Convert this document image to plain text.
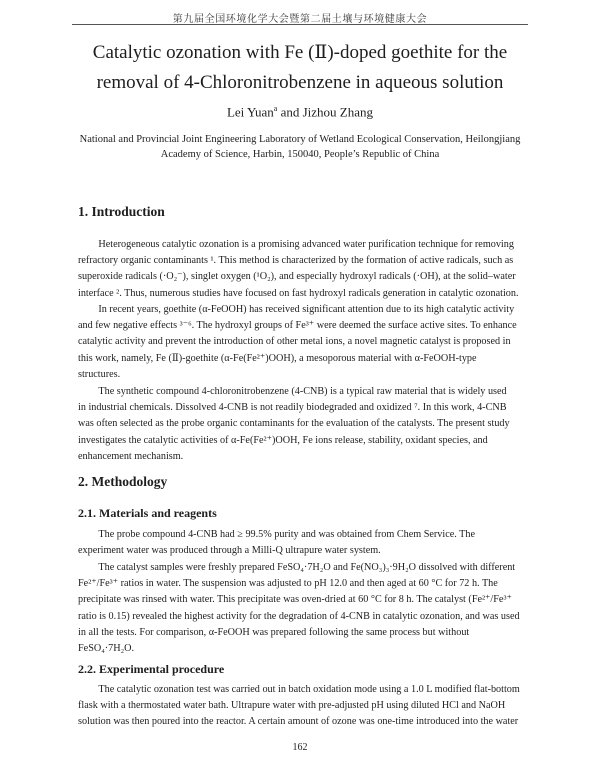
第九届全国环境化学大会暨第二届土壤与环境健康大会
Catalytic ozonation with Fe (Ⅱ)-doped goethite for the
removal of 4-Chloronitrobenzene in aqueous solution
Lei Yuan$^a$ and Jizhou Zhang
National and Provincial Joint Engineering Laboratory of Wetland Ecological Conservation, Heilongjiang
Academy of Science, Harbin, 150040, People’s Republic of China
1. Introduction
Heterogeneous catalytic ozonation is a promising advanced water purification technique for removing
refractory organic contaminants ¹. This method is characterized by the formation of active radicals, such as
superoxide radicals (·O₂⁻), singlet oxygen (¹O₂), and especially hydroxyl radicals (·OH), at the solid–water
interface ². Thus, numerous studies have focused on fast hydroxyl radicals generation in catalytic ozonation.
In recent years, goethite (α-FeOOH) has received significant attention due to its high catalytic activity
and few negative effects ³⁻⁶. The hydroxyl groups of Fe³⁺ were deemed the surface active sites. To enhance
catalytic activity and prevent the introduction of other metal ions, a novel magnetic catalyst is proposed in
this work, namely, Fe (Ⅱ)-goethite (α-Fe(Fe²⁺)OOH), a mesoporous material with α-FeOOH-type
structures.
The synthetic compound 4-chloronitrobenzene (4-CNB) is a typical raw material that is widely used
in industrial chemicals. Dissolved 4-CNB is not readily biodegraded and oxidized ⁷. In this work, 4-CNB
was often selected as the probe organic contaminants for the evaluation of the catalysts. The present study
investigates the catalytic activities of α-Fe(Fe²⁺)OOH, Fe ions release, stability, oxidant species, and
enhancement mechanism.
2. Methodology
2.1. Materials and reagents
The probe compound 4-CNB had ≥ 99.5% purity and was obtained from Chem Service. The
experiment water was produced through a Milli-Q ultrapure water system.
The catalyst samples were freshly prepared FeSO₄·7H₂O and Fe(NO₃)₃·9H₂O dissolved with different
Fe²⁺/Fe³⁺ ratios in water. The suspension was adjusted to pH 12.0 and then aged at 60 °C for 72 h. The
precipitate was rinsed with water. This precipitate was oven-dried at 60 °C for 8 h. The catalyst (Fe²⁺/Fe³⁺
ratio is 0.15) revealed the highest activity for the degradation of 4-CNB in catalytic ozonation, and was used
in all the tests. For comparison, α-FeOOH was prepared following the same process but without
FeSO₄·7H₂O.
2.2. Experimental procedure
The catalytic ozonation test was carried out in batch oxidation mode using a 1.0 L modified flat-bottom
flask with a thermostated water bath. Ultrapure water with pre-adjusted pH using diluted HCl and NaOH
solution was then poured into the reactor. A certain amount of ozone was one-time introduced into the water
162
